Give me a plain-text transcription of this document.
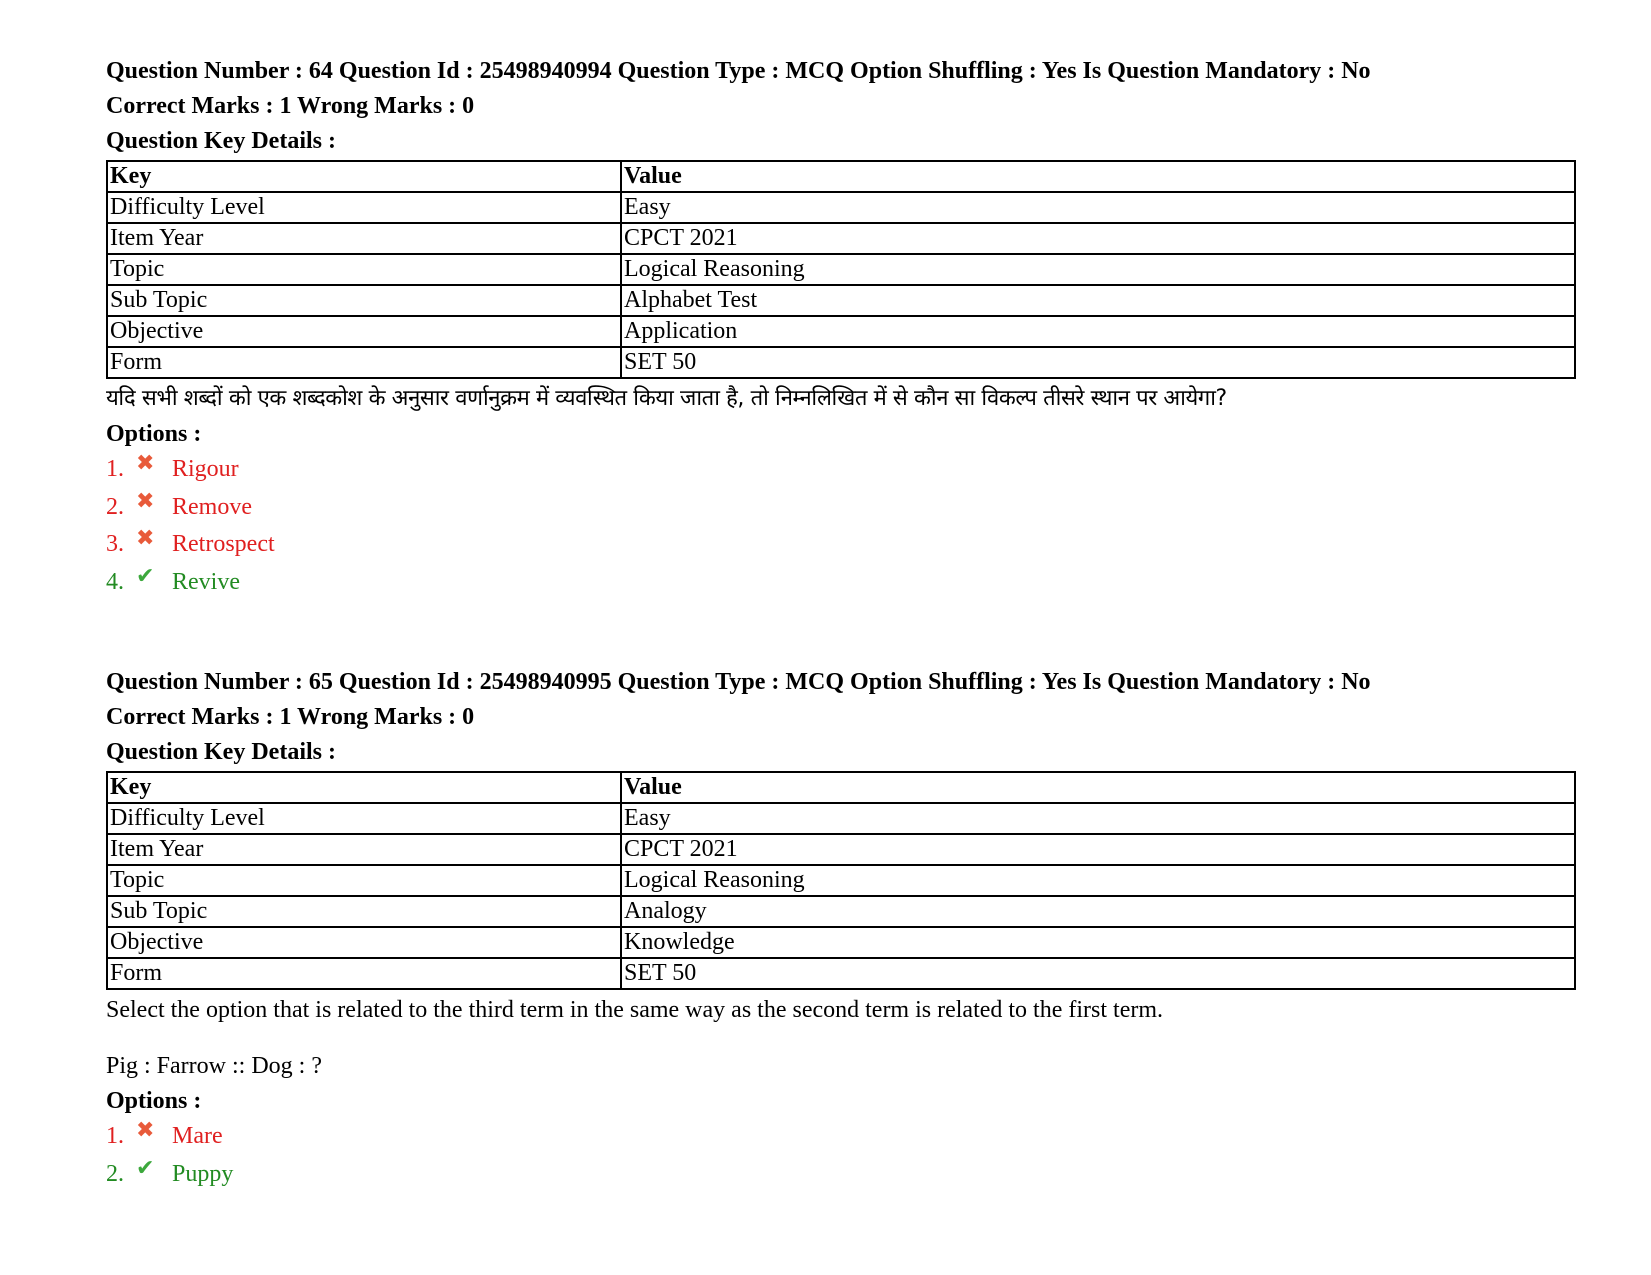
Question Number : 64 Question Id : 25498940994 Question Type : MCQ Option Shuffling : Yes Is Question Mandatory : No
Correct Marks : 1 Wrong Marks : 0
Question Key Details :
Key	Value
Difficulty Level	Easy
Item Year	CPCT 2021
Topic	Logical Reasoning
Sub Topic	Alphabet Test
Objective	Application
Form	SET 50
यदि सभी शब्दों को एक शब्दकोश के अनुसार वर्णानुक्रम में व्यवस्थित किया जाता है, तो निम्नलिखित में से कौन सा विकल्प तीसरे स्थान पर आयेगा?
Options :
1. ✖ Rigour
2. ✖ Remove
3. ✖ Retrospect
4. ✔ Revive
Question Number : 65 Question Id : 25498940995 Question Type : MCQ Option Shuffling : Yes Is Question Mandatory : No
Correct Marks : 1 Wrong Marks : 0
Question Key Details :
Key	Value
Difficulty Level	Easy
Item Year	CPCT 2021
Topic	Logical Reasoning
Sub Topic	Analogy
Objective	Knowledge
Form	SET 50
Select the option that is related to the third term in the same way as the second term is related to the first term.
Pig : Farrow :: Dog : ?
Options :
1. ✖ Mare
2. ✔ Puppy
